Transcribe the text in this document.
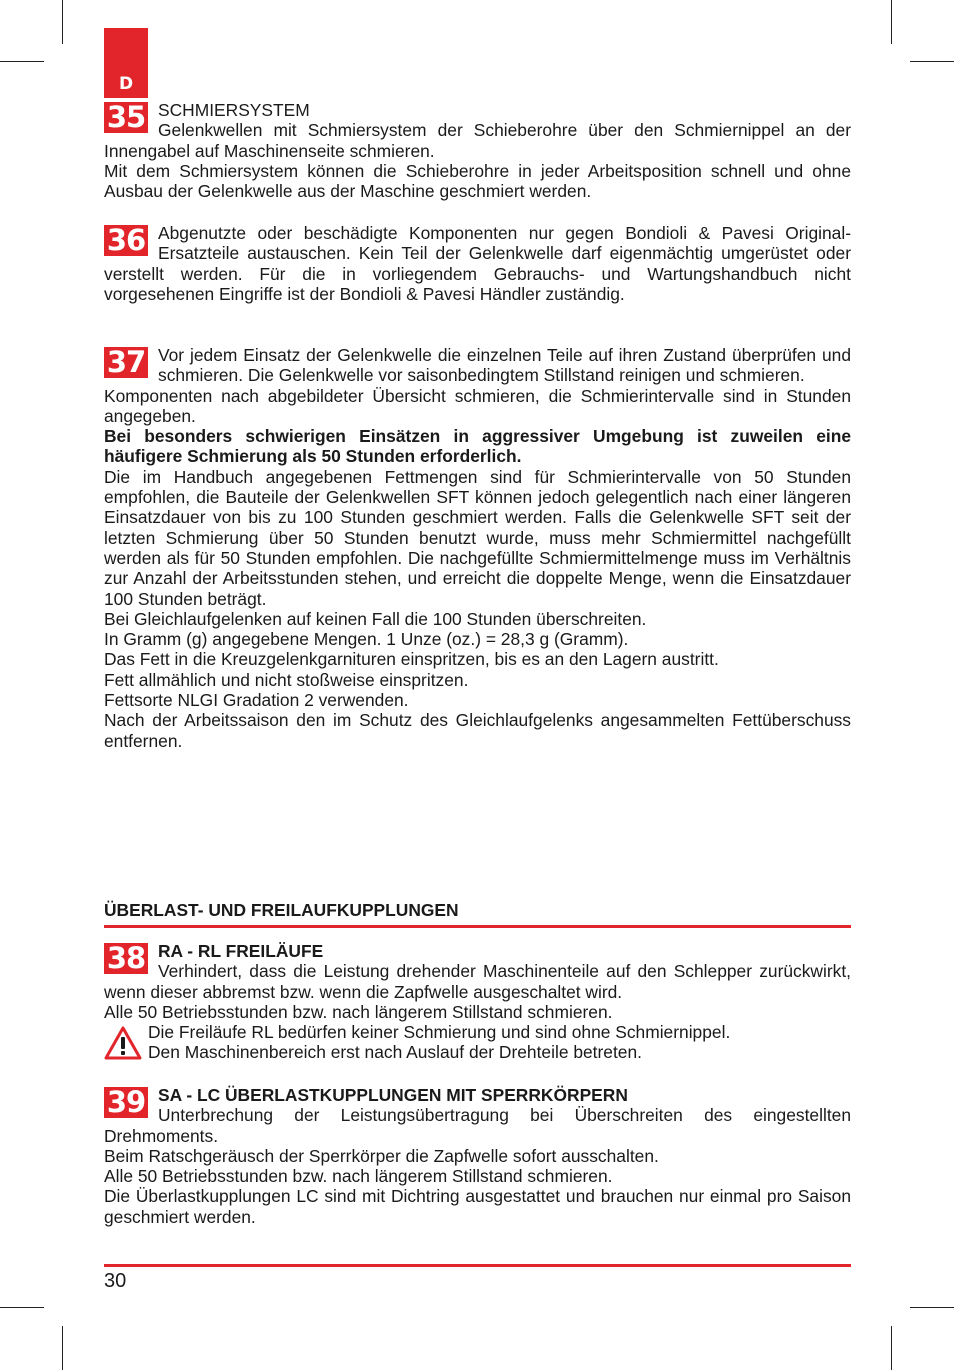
D
35 SCHMIERSYSTEM

Gelenkwellen mit Schmiersystem der Schieberohre über den Schmiernippel an der Innengabel auf Maschinenseite schmieren.

Mit dem Schmiersystem können die Schieberohre in jeder Arbeitsposition schnell und ohne Ausbau der Gelenkwelle aus der Maschine geschmiert werden.

36 Abgenutzte oder beschädigte Komponenten nur gegen Bondioli & Pavesi Original-Ersatzteile austauschen. Kein Teil der Gelenkwelle darf eigenmächtig umgerüstet oder verstellt werden. Für die in vorliegendem Gebrauchs- und Wartungshandbuch nicht vorgesehenen Eingriffe ist der Bondioli & Pavesi Händler zuständig.

37 Vor jedem Einsatz der Gelenkwelle die einzelnen Teile auf ihren Zustand überprüfen und schmieren. Die Gelenkwelle vor saisonbedingtem Stillstand reinigen und schmieren.

Komponenten nach abgebildeter Übersicht schmieren, die Schmierintervalle sind in Stunden angegeben.

Bei besonders schwierigen Einsätzen in aggressiver Umgebung ist zuweilen eine häufigere Schmierung als 50 Stunden erforderlich.

Die im Handbuch angegebenen Fettmengen sind für Schmierintervalle von 50 Stunden empfohlen, die Bauteile der Gelenkwellen SFT können jedoch gelegentlich nach einer längeren Einsatzdauer von bis zu 100 Stunden geschmiert werden. Falls die Gelenkwelle SFT seit der letzten Schmierung über 50 Stunden benutzt wurde, muss mehr Schmiermittel nachgefüllt werden als für 50 Stunden empfohlen. Die nachgefüllte Schmiermittelmenge muss im Verhältnis zur Anzahl der Arbeitsstunden stehen, und erreicht die doppelte Menge, wenn die Einsatzdauer 100 Stunden beträgt.

Bei Gleichlaufgelenken auf keinen Fall die 100 Stunden überschreiten.

In Gramm (g) angegebene Mengen. 1 Unze (oz.) = 28,3 g (Gramm).

Das Fett in die Kreuzgelenkgarnituren einspritzen, bis es an den Lagern austritt.

Fett allmählich und nicht stoßweise einspritzen.

Fettsorte NLGI Gradation 2 verwenden.

Nach der Arbeitssaison den im Schutz des Gleichlaufgelenks angesammelten Fettüberschuss entfernen.

ÜBERLAST- UND FREILAUFKUPPLUNGEN
38 RA - RL FREILÄUFE

Verhindert, dass die Leistung drehender Maschinenteile auf den Schlepper zurückwirkt, wenn dieser abbremst bzw. wenn die Zapfwelle ausgeschaltet wird.

Alle 50 Betriebsstunden bzw. nach längerem Stillstand schmieren.

Die Freiläufe RL bedürfen keiner Schmierung und sind ohne Schmiernippel.

Den Maschinenbereich erst nach Auslauf der Drehteile betreten.

39 SA - LC ÜBERLASTKUPPLUNGEN MIT SPERRKÖRPERN

Unterbrechung der Leistungsübertragung bei Überschreiten des eingestellten Drehmoments.

Beim Ratschgeräusch der Sperrkörper die Zapfwelle sofort ausschalten.

Alle 50 Betriebsstunden bzw. nach längerem Stillstand schmieren.

Die Überlastkupplungen LC sind mit Dichtring ausgestattet und brauchen nur einmal pro Saison geschmiert werden.

30
